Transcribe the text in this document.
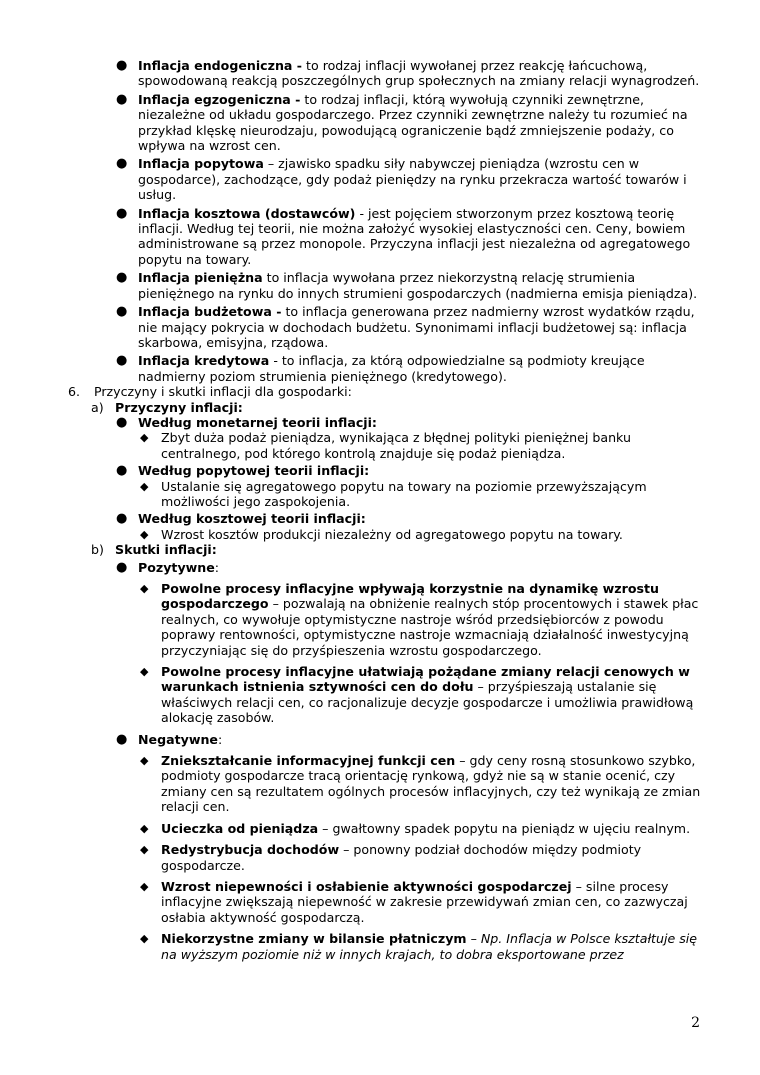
● Inflacja endogeniczna - to rodzaj inflacji wywołanej przez reakcję łańcuchową, spowodowaną reakcją poszczególnych grup społecznych na zmiany relacji wynagrodzeń.
● Inflacja egzogeniczna - to rodzaj inflacji, którą wywołują czynniki zewnętrzne, niezależne od układu gospodarczego. Przez czynniki zewnętrzne należy tu rozumieć na przykład klęskę nieurodzaju, powodującą ograniczenie bądź zmniejszenie podaży, co wpływa na wzrost cen.
● Inflacja popytowa – zjawisko spadku siły nabywczej pieniądza (wzrostu cen w gospodarce), zachodzące, gdy podaż pieniędzy na rynku przekracza wartość towarów i usług.
● Inflacja kosztowa (dostawców) - jest pojęciem stworzonym przez kosztową teorię inflacji. Według tej teorii, nie można założyć wysokiej elastyczności cen. Ceny, bowiem administrowane są przez monopole. Przyczyna inflacji jest niezależna od agregatowego popytu na towary.
● Inflacja pieniężna to inflacja wywołana przez niekorzystną relację strumienia pieniężnego na rynku do innych strumieni gospodarczych (nadmierna emisja pieniądza).
● Inflacja budżetowa - to inflacja generowana przez nadmierny wzrost wydatków rządu, nie mający pokrycia w dochodach budżetu. Synonimami inflacji budżetowej są: inflacja skarbowa, emisyjna, rządowa.
● Inflacja kredytowa - to inflacja, za którą odpowiedzialne są podmioty kreujące nadmierny poziom strumienia pieniężnego (kredytowego).
6. Przyczyny i skutki inflacji dla gospodarki:
a) Przyczyny inflacji:
● Według monetarnej teorii inflacji:
◆ Zbyt duża podaż pieniądza, wynikająca z błędnej polityki pieniężnej banku centralnego, pod którego kontrolą znajduje się podaż pieniądza.
● Według popytowej teorii inflacji:
◆ Ustalanie się agregatowego popytu na towary na poziomie przewyższającym możliwości jego zaspokojenia.
● Według kosztowej teorii inflacji:
◆ Wzrost kosztów produkcji niezależny od agregatowego popytu na towary.
b) Skutki inflacji:
● Pozytywne:
◆ Powolne procesy inflacyjne wpływają korzystnie na dynamikę wzrostu gospodarczego – pozwalają na obniżenie realnych stóp procentowych i stawek płac realnych, co wywołuje optymistyczne nastroje wśród przedsiębiorców z powodu poprawy rentowności, optymistyczne nastroje wzmacniają działalność inwestycyjną przyczyniając się do przyśpieszenia wzrostu gospodarczego.
◆ Powolne procesy inflacyjne ułatwiają pożądane zmiany relacji cenowych w warunkach istnienia sztywności cen do dołu – przyśpieszają ustalanie się właściwych relacji cen, co racjonalizuje decyzje gospodarcze i umożliwia prawidłową alokację zasobów.
● Negatywne:
◆ Zniekształcanie informacyjnej funkcji cen – gdy ceny rosną stosunkowo szybko, podmioty gospodarcze tracą orientację rynkową, gdyż nie są w stanie ocenić, czy zmiany cen są rezultatem ogólnych procesów inflacyjnych, czy też wynikają ze zmian relacji cen.
◆ Ucieczka od pieniądza – gwałtowny spadek popytu na pieniądz w ujęciu realnym.
◆ Redystrybucja dochodów – ponowny podział dochodów między podmioty gospodarcze.
◆ Wzrost niepewności i osłabienie aktywności gospodarczej – silne procesy inflacyjne zwiększają niepewność w zakresie przewidywań zmian cen, co zazwyczaj osłabia aktywność gospodarczą.
◆ Niekorzystne zmiany w bilansie płatniczym – Np. Inflacja w Polsce kształtuje się na wyższym poziomie niż w innych krajach, to dobra eksportowane przez
2
